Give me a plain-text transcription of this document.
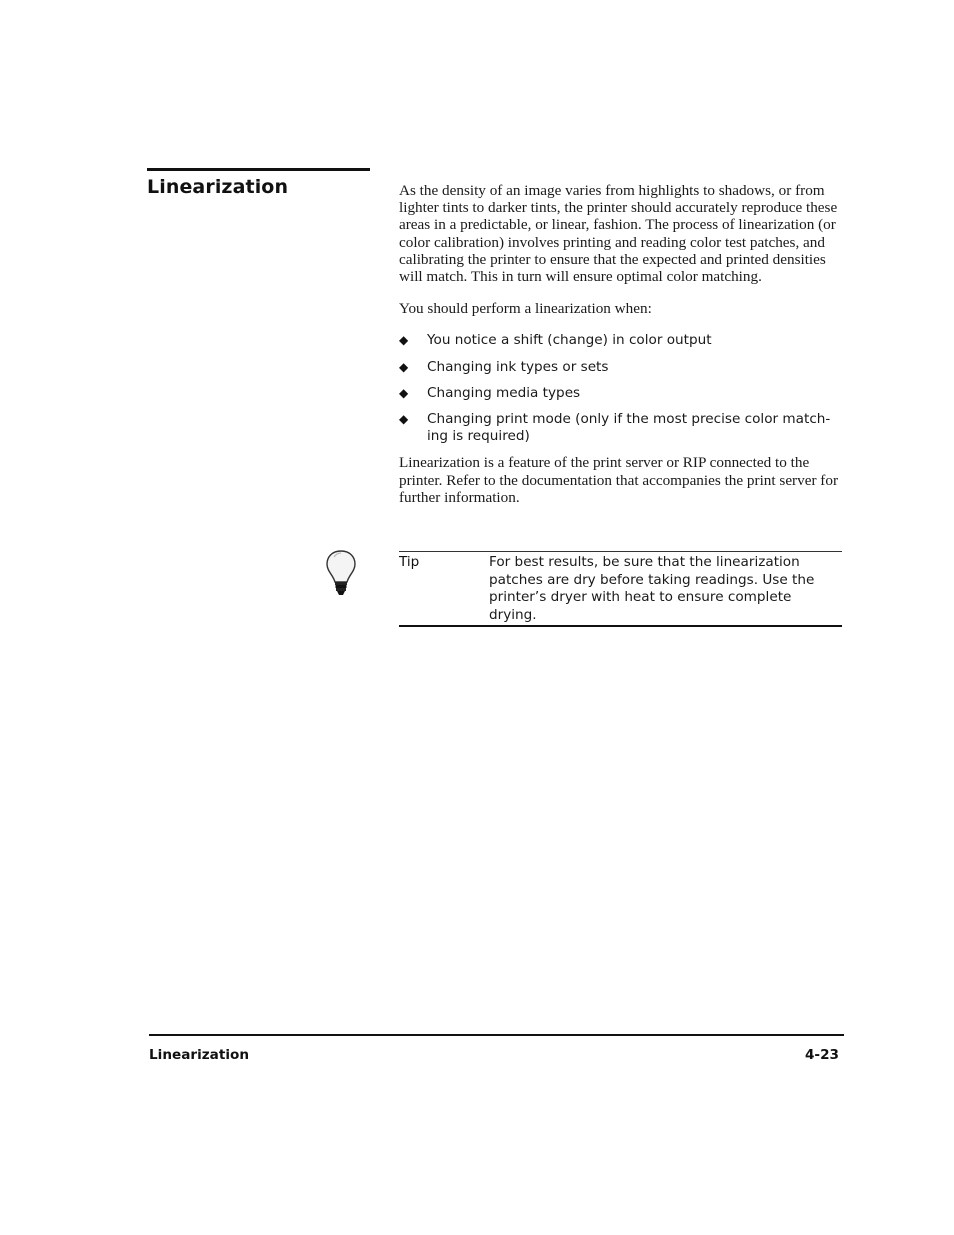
Linearization	As the density of an image varies from highlights to shadows, or from lighter tints to darker tints, the printer should accurately reproduce these areas in a predictable, or linear, fashion. The process of linearization (or color calibration) involves printing and reading color test patches, and calibrating the printer to ensure that the expected and printed densities will match. This in turn will ensure optimal color matching.

You should perform a linearization when:

◆ You notice a shift (change) in color output
◆ Changing ink types or sets
◆ Changing media types
◆ Changing print mode (only if the most precise color match-ing is required)

Linearization is a feature of the print server or RIP connected to the printer. Refer to the documentation that accompanies the print server for further information.

Tip	For best results, be sure that the linearization patches are dry before taking readings. Use the printer’s dryer with heat to ensure complete drying.
Linearization	4-23
